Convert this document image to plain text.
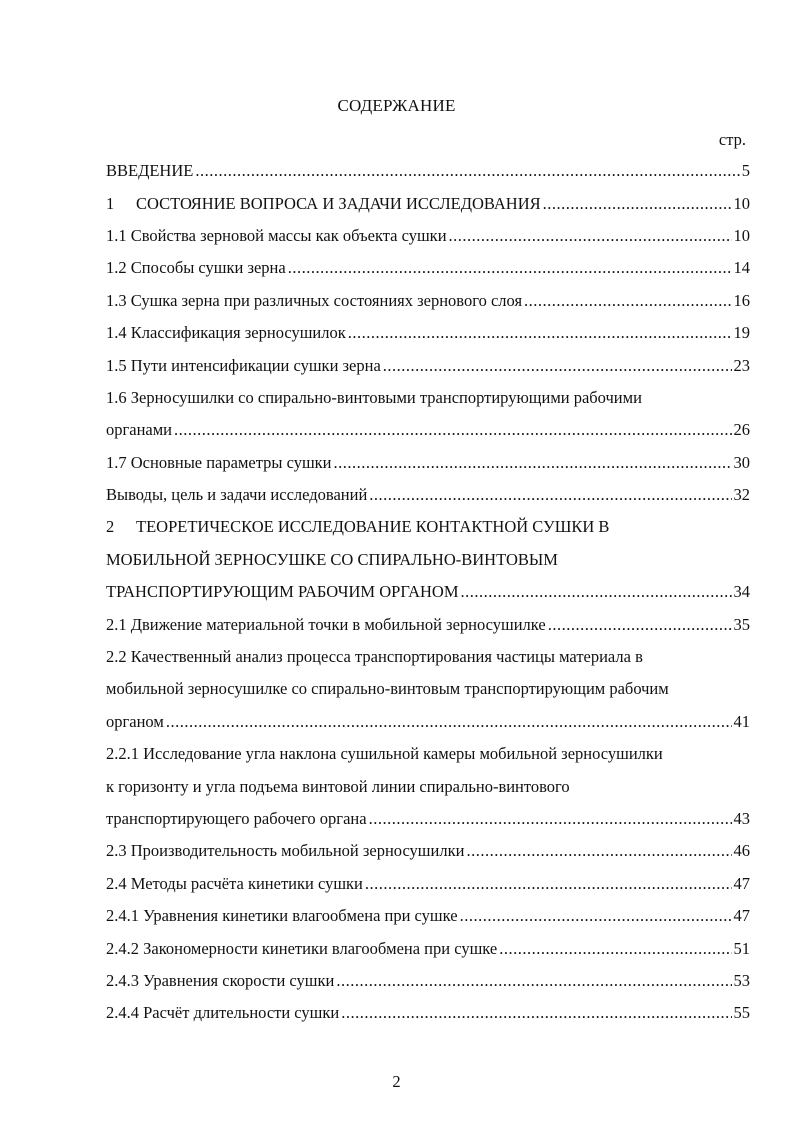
СОДЕРЖАНИЕ
стр.
ВВЕДЕНИЕ .....	5
1 СОСТОЯНИЕ ВОПРОСА И ЗАДАЧИ ИССЛЕДОВАНИЯ .....	10
1.1 Свойства зерновой массы как объекта сушки .....	10
1.2 Способы сушки зерна .....	14
1.3 Сушка зерна при различных состояниях зернового слоя .....	16
1.4 Классификация зерносушилок .....	19
1.5 Пути интенсификации сушки зерна .....	23
1.6 Зерносушилки со спирально-винтовыми транспортирующими рабочими
органами .....	26
1.7 Основные параметры сушки .....	30
Выводы, цель и задачи исследований .....	32
2 ТЕОРЕТИЧЕСКОЕ ИССЛЕДОВАНИЕ КОНТАКТНОЙ СУШКИ В
МОБИЛЬНОЙ ЗЕРНОСУШКЕ СО СПИРАЛЬНО-ВИНТОВЫМ
ТРАНСПОРТИРУЮЩИМ РАБОЧИМ ОРГАНОМ .....	34
2.1 Движение материальной точки в мобильной зерносушилке .....	35
2.2 Качественный анализ процесса транспортирования частицы материала в
мобильной зерносушилке со спирально-винтовым транспортирующим рабочим
органом .....	41
2.2.1 Исследование угла наклона сушильной камеры мобильной зерносушилки
к горизонту и угла подъема винтовой линии спирально-винтового
транспортирующего рабочего органа .....	43
2.3 Производительность мобильной зерносушилки .....	46
2.4 Методы расчёта кинетики сушки .....	47
2.4.1 Уравнения кинетики влагообмена при сушке .....	47
2.4.2 Закономерности кинетики влагообмена при сушке .....	51
2.4.3 Уравнения скорости сушки .....	53
2.4.4 Расчёт длительности сушки .....	55
2
